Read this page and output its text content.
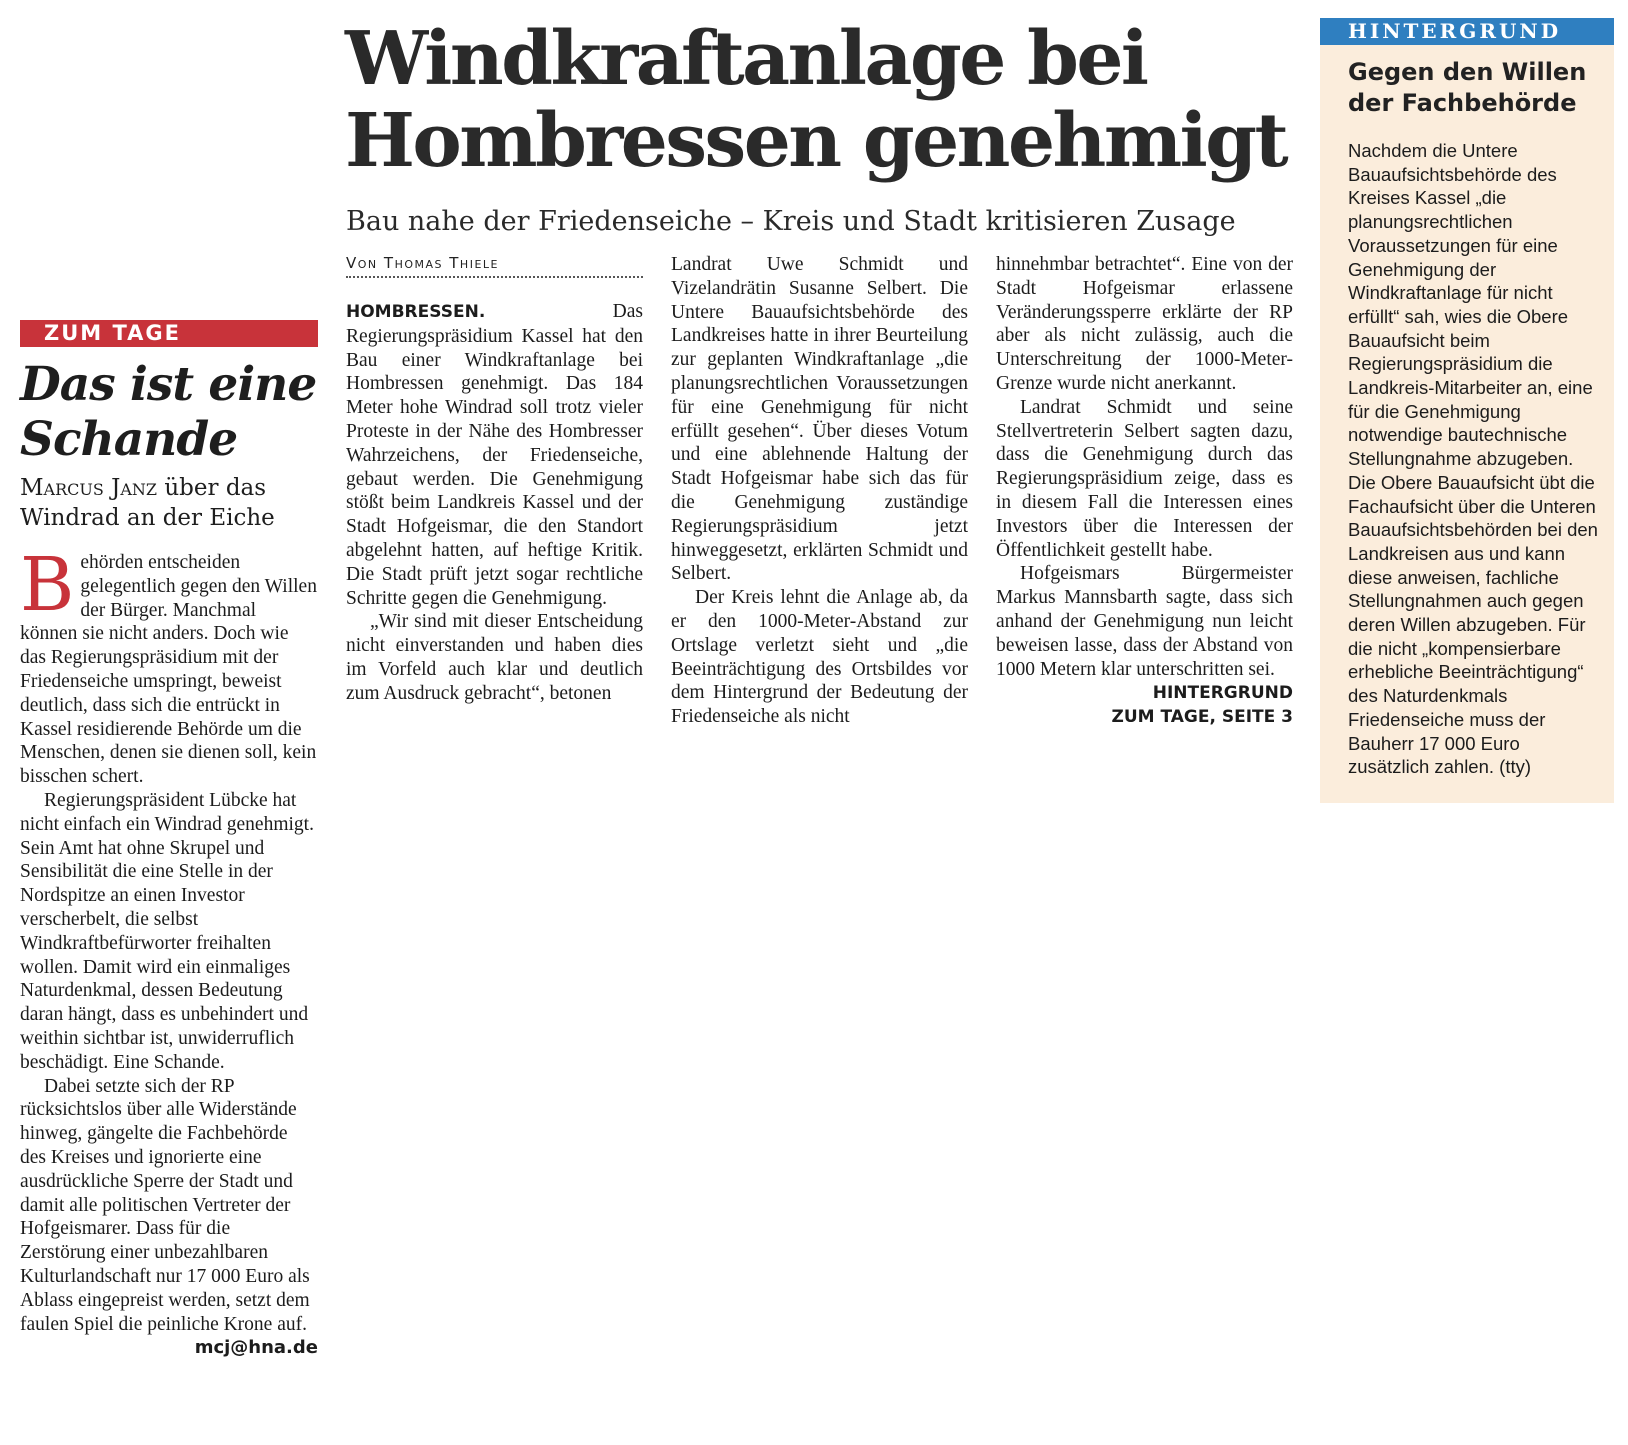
ZUM TAGE
Das ist eine Schande
Marcus Janz über das Windrad an der Eiche

Behörden entscheiden gelegentlich gegen den Willen der Bürger. Manchmal können sie nicht anders. Doch wie das Regierungspräsidium mit der Friedenseiche umspringt, beweist deutlich, dass sich die entrückt in Kassel residierende Behörde um die Menschen, denen sie dienen soll, kein bisschen schert.

Regierungspräsident Lübcke hat nicht einfach ein Windrad genehmigt. Sein Amt hat ohne Skrupel und Sensibilität die eine Stelle in der Nordspitze an einen Investor verscherbelt, die selbst Windkraftbefürworter freihalten wollen. Damit wird ein einmaliges Naturdenkmal, dessen Bedeutung daran hängt, dass es unbehindert und weithin sichtbar ist, unwiderruflich beschädigt. Eine Schande.

Dabei setzte sich der RP rücksichtslos über alle Widerstände hinweg, gängelte die Fachbehörde des Kreises und ignorierte eine ausdrückliche Sperre der Stadt und damit alle politischen Vertreter der Hofgeismarer. Dass für die Zerstörung einer unbezahlbaren Kulturlandschaft nur 17 000 Euro als Ablass eingepreist werden, setzt dem faulen Spiel die peinliche Krone auf.
mcj@hna.de

Windkraftanlage bei Hombressen genehmigt
Bau nahe der Friedenseiche – Kreis und Stadt kritisieren Zusage
Von Thomas Thiele

HOMBRESSEN.	Das Regierungspräsidium Kassel hat den Bau einer Windkraftanlage bei Hombressen genehmigt. Das 184 Meter hohe Windrad soll trotz vieler Proteste in der Nähe des Hombresser Wahrzeichens, der Friedenseiche, gebaut werden. Die Genehmigung stößt beim Landkreis Kassel und der Stadt Hofgeismar, die den Standort abgelehnt hatten, auf heftige Kritik. Die Stadt prüft jetzt sogar rechtliche Schritte gegen die Genehmigung.

„Wir sind mit dieser Entscheidung nicht einverstanden und haben dies im Vorfeld auch klar und deutlich zum Ausdruck gebracht“, betonen

Landrat Uwe Schmidt und Vizelandrätin Susanne Selbert. Die Untere Bauaufsichtsbehörde des Landkreises hatte in ihrer Beurteilung zur geplanten Windkraftanlage „die planungsrechtlichen Voraussetzungen für eine Genehmigung für nicht erfüllt gesehen“. Über dieses Votum und eine ablehnende Haltung der Stadt Hofgeismar habe sich das für die Genehmigung zuständige Regierungspräsidium jetzt hinweggesetzt, erklärten Schmidt und Selbert.

Der Kreis lehnt die Anlage ab, da er den 1000-Meter-Abstand zur Ortslage verletzt sieht und „die Beeinträchtigung des Ortsbildes vor dem Hintergrund der Bedeutung der Friedenseiche als nicht

hinnehmbar betrachtet“. Eine von der Stadt Hofgeismar erlassene Veränderungssperre erklärte der RP aber als nicht zulässig, auch die Unterschreitung der 1000-Meter-Grenze wurde nicht anerkannt.

Landrat Schmidt und seine Stellvertreterin Selbert sagten dazu, dass die Genehmigung durch das Regierungspräsidium zeige, dass es in diesem Fall die Interessen eines Investors über die Interessen der Öffentlichkeit gestellt habe.

Hofgeismars Bürgermeister Markus Mannsbarth sagte, dass sich anhand der Genehmigung nun leicht beweisen lasse, dass der Abstand von 1000 Metern klar unterschritten sei.

HINTERGRUND
ZUM TAGE, SEITE 3
HINTERGRUND
Gegen den Willen der Fachbehörde
Nachdem die Untere Bauaufsichtsbehörde des Kreises Kassel „die planungsrechtlichen Voraussetzungen für eine Genehmigung der Windkraftanlage für nicht erfüllt“ sah, wies die Obere Bauaufsicht beim Regierungspräsidium die Landkreis-Mitarbeiter an, eine für die Genehmigung notwendige bautechnische Stellungnahme abzugeben. Die Obere Bauaufsicht übt die Fachaufsicht über die Unteren Bauaufsichtsbehörden bei den Landkreisen aus und kann diese anweisen, fachliche Stellungnahmen auch gegen deren Willen abzugeben. Für die nicht „kompensierbare erhebliche Beeinträchtigung“ des Naturdenkmals Friedenseiche muss der Bauherr 17 000 Euro zusätzlich zahlen. (tty)
